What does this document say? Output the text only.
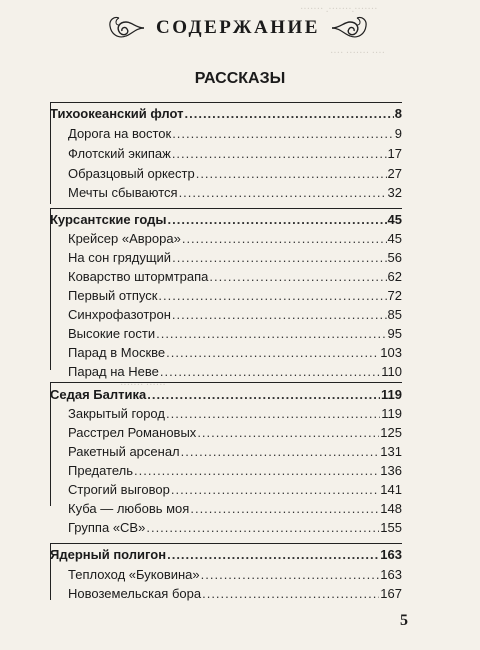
·······.·······. ·······
···· ······· ····
······ ·······
СОДЕРЖАНИЕ
РАССКАЗЫ
Тихоокеанский флот .....	8
Дорога на восток .....	9
Флотский экипаж .....	17
Образцовый оркестр .....	27
Мечты сбываются .....	32
Курсантские годы .....	45
Крейсер «Аврора» .....	45
На сон грядущий .....	56
Коварство штормтрапа .....	62
Первый отпуск .....	72
Синхрофазотрон .....	85
Высокие гости .....	95
Парад в Москве .....	103
Парад на Неве .....	110
Седая Балтика .....	119
Закрытый город .....	119
Расстрел Романовых .....	125
Ракетный арсенал .....	131
Предатель .....	136
Строгий выговор .....	141
Куба — любовь моя .....	148
Группа «СВ» .....	155
Ядерный полигон .....	163
Теплоход «Буковина» .....	163
Новоземельская бора .....	167
5
